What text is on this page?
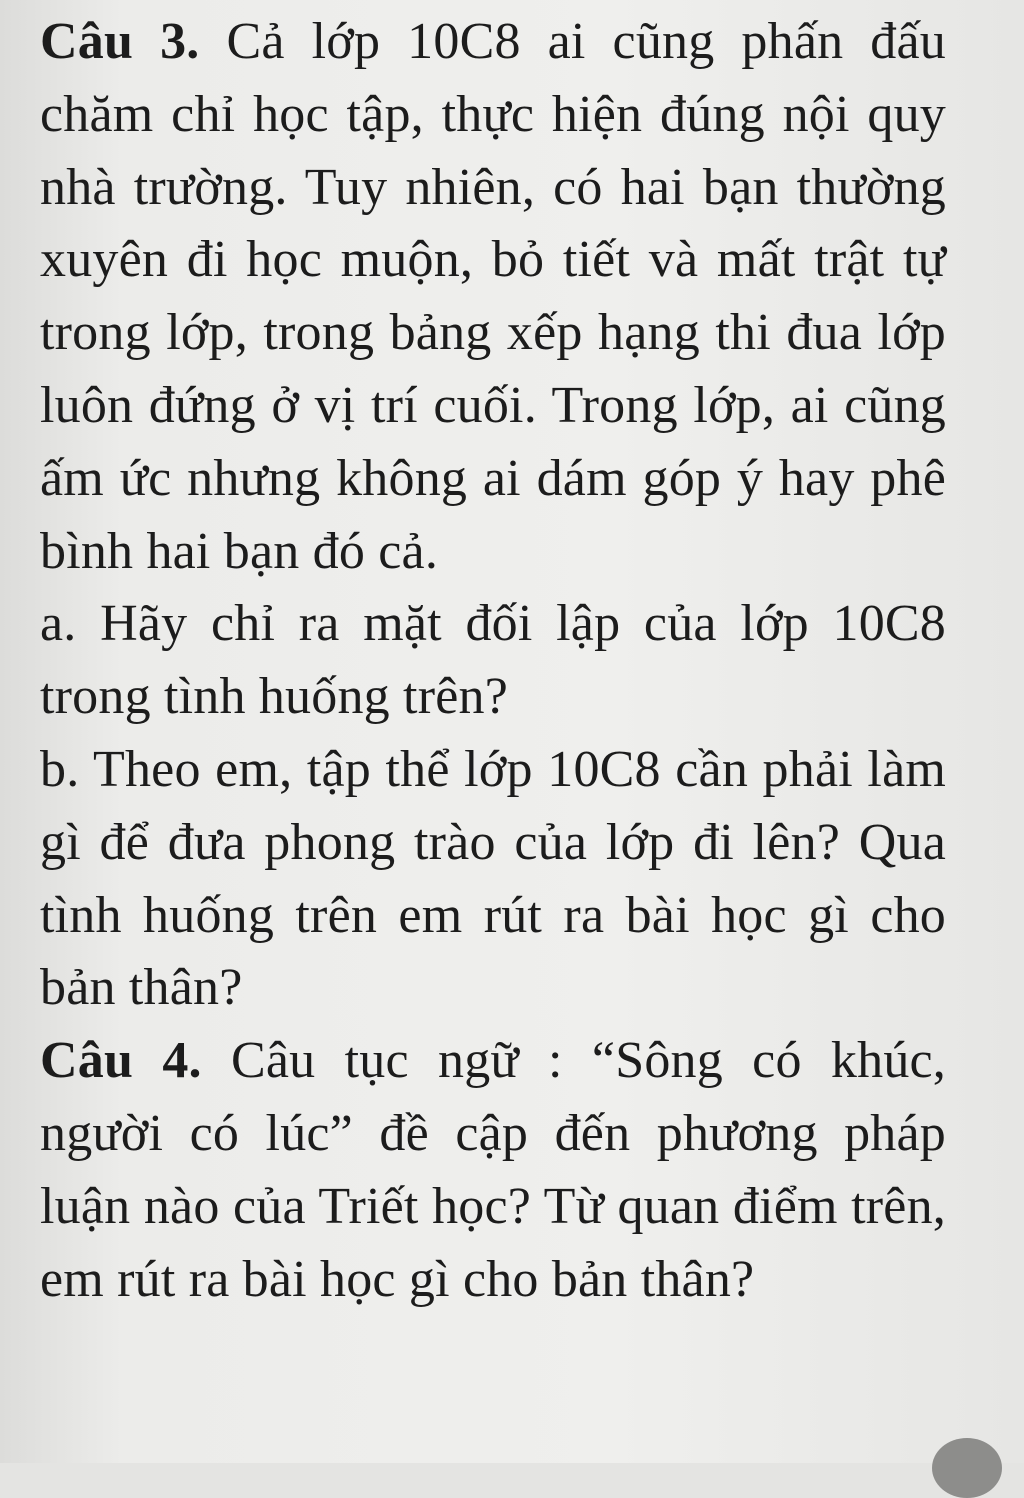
Câu 3. Cả lớp 10C8 ai cũng phấn đấu chăm chỉ học tập, thực hiện đúng nội quy nhà trường. Tuy nhiên, có hai bạn thường xuyên đi học muộn, bỏ tiết và mất trật tự trong lớp, trong bảng xếp hạng thi đua lớp luôn đứng ở vị trí cuối. Trong lớp, ai cũng ấm ức nhưng không ai dám góp ý hay phê bình hai bạn đó cả.

a. Hãy chỉ ra mặt đối lập của lớp 10C8 trong tình huống trên?

b. Theo em, tập thể lớp 10C8 cần phải làm gì để đưa phong trào của lớp đi lên? Qua tình huống trên em rút ra bài học gì cho bản thân?

Câu 4. Câu tục ngữ : “Sông có khúc, người có lúc” đề cập đến phương pháp luận nào của Triết học? Từ quan điểm trên, em rút ra bài học gì cho bản thân?
